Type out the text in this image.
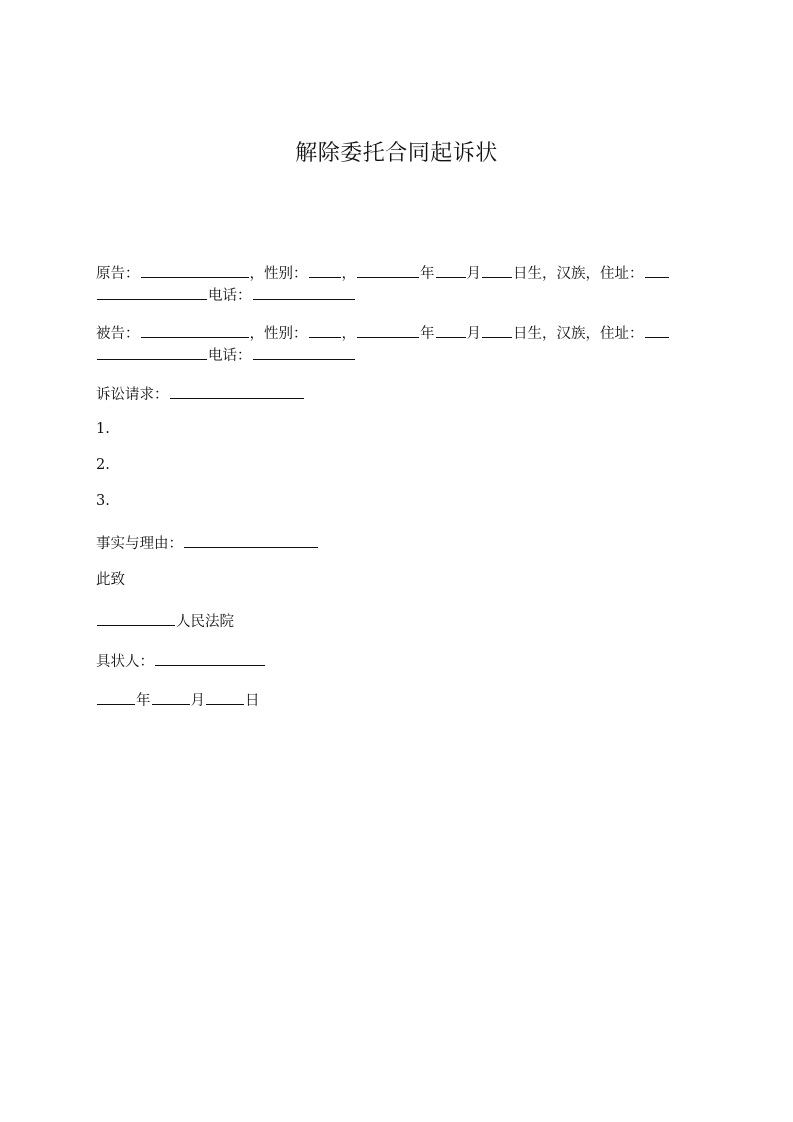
解除委托合同起诉状
原告：	，性别： ，	年 月 日生，汉族，住址：
电话：
被告：	，性别： ，	年 月 日生，汉族，住址：
电话：
诉讼请求：
1.
2.
3.
事实与理由：
此致
人民法院
具状人：
年	月	日
